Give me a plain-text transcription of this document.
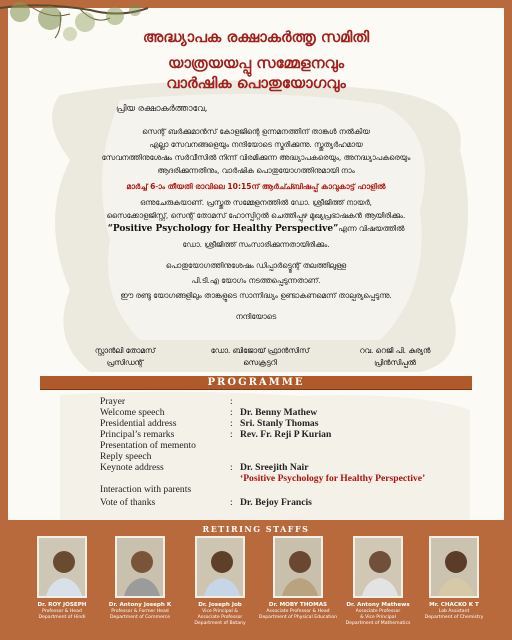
അദ്ധ്യാപക രക്ഷാകർത്തൃ സമിതി
യാത്രയയപ്പു സമ്മേളനവും
വാർഷിക പൊതുയോഗവും
പ്രിയ രക്ഷാകർത്താവേ,
സെന്റ് ബർക്കുമാൻസ് കോളജിന്റെ ഉന്നമനത്തിന് താങ്കൾ നൽകിയ
എല്ലാ സേവനങ്ങളെയും നന്ദിയോടെ സ്മരിക്കുന്നു. സ്തുത്യർഹമായ
സേവനത്തിനുശേഷം സർവീസിൽ നിന്ന് വിരമിക്കുന്ന അദ്ധ്യാപകരെയും, അനദ്ധ്യാപകരെയും
ആദരിക്കുന്നതിനും, വാർഷിക പൊതുയോഗത്തിനുമായി നാം
മാർച്ച് 6-ാം തീയതി രാവിലെ 10:15ന് ആർച്ച്ബിഷപ്പ് കാവുകാട്ട് ഹാളിൽ
ഒന്നുചേരുകയാണ്. പ്രസ്തുത സമ്മേളനത്തിൽ ഡോ. ശ്രീജിത്ത് നായർ,
സൈക്കോളജിസ്റ്റ്, സെന്റ് തോമസ് ഹോസ്പിറ്റൽ ചെത്തിപ്പുഴ മുഖ്യപ്രഭാഷകൻ ആയിരിക്കും.
“Positive Psychology for Healthy Perspective”എന്ന വിഷയത്തിൽ
ഡോ. ശ്രീജിത്ത് സംസാരിക്കുന്നതായിരിക്കും.
പൊതുയോഗത്തിനുശേഷം ഡിപ്പാർട്ട്മെന്റ് തലത്തിലുള്ള
പി.ടി.എ യോഗം നടത്തപ്പെടുന്നതാണ്.
ഈ രണ്ടു യോഗങ്ങളിലും താങ്കളുടെ സാന്നിദ്ധ്യം ഉണ്ടാകണമെന്ന് താല്പര്യപ്പെടുന്നു.
നന്ദിയോടെ
സ്റ്റാൻലി തോമസ്
പ്രസിഡന്റ്
ഡോ. ബിജോയ് ഫ്രാൻസിസ്
സെക്രട്ടറി
റവ. റെജി പി. കുര്യൻ
പ്രിൻസിപ്പൽ
PROGRAMME
Prayer	:
Welcome speech	: Dr. Benny Mathew
Presidential address	: Sri. Stanly Thomas
Principal’s remarks	: Rev. Fr. Reji P Kurian
Presentation of memento
Reply speech
Keynote address	: Dr. Sreejith Nair
‘Positive Psychology for Healthy Perspective’
Interaction with parents
Vote of thanks	: Dr. Bejoy Francis
RETIRING STAFFS
Dr. ROY JOSEPH
Professor & Head
Department of Hindi
Dr. Antony Joseph K
Professor & Former Head
Department of Commerce
Dr. Joseph Job
Vice Principal &
Associate Professor
Department of Botany
Dr. MOBY THOMAS
Associate Professor & Head
Department of Physical Education
Dr. Antony Mathews
Associate Professor
& Vice Principal
Department of Mathematics
Mr. CHACKO K T
Lab Assistant
Department of Chemistry
